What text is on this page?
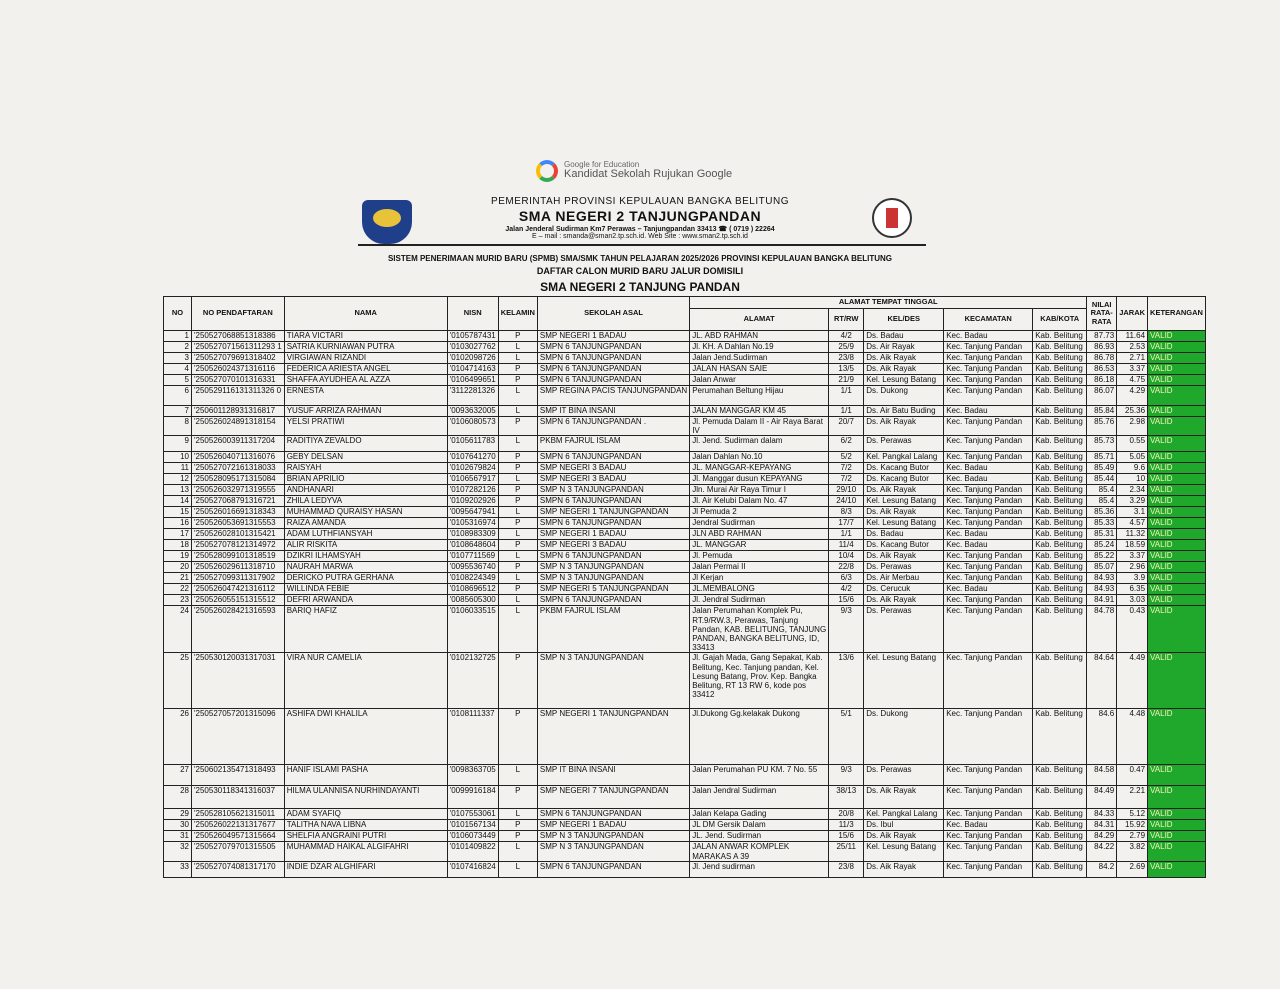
Google for Education
Kandidat Sekolah Rujukan Google
PEMERINTAH PROVINSI KEPULAUAN BANGKA BELITUNG
SMA NEGERI 2 TANJUNGPANDAN
Jalan Jenderal Sudirman Km7 Perawas – Tanjungpandan 33413 ☎ ( 0719 ) 22264
E – mail : smanda@sman2.tp.sch.id. Web Site : www.sman2.tp.sch.id
SISTEM PENERIMAAN MURID BARU (SPMB) SMA/SMK TAHUN PELAJARAN 2025/2026 PROVINSI KEPULAUAN BANGKA BELITUNG
DAFTAR CALON MURID BARU JALUR DOMISILI
SMA NEGERI 2 TANJUNG PANDAN
NO	NO PENDAFTARAN	NAMA	NISN	KELAMIN	SEKOLAH ASAL	ALAMAT TEMPAT TINGGAL					NILAI RATA-RATA	JARAK	KETERANGAN
						ALAMAT	RT/RW	KEL/DES	KECAMATAN	KAB/KOTA			
1	'250527068851318386	TIARA VICTARI	'0105787431	P	SMP NEGERI 1 BADAU	JL. ABD RAHMAN	4/2	Ds. Badau	Kec. Badau	Kab. Belitung	87.73	11.64	VALID
2	'250527071561311293 1	SATRIA KURNIAWAN PUTRA	'0103027762	L	SMPN 6 TANJUNGPANDAN	Jl. KH. A Dahlan No.19	25/9	Ds. Air Rayak	Kec. Tanjung Pandan	Kab. Belitung	86.93	2.53	VALID
3	'250527079691318402	VIRGIAWAN RIZANDI	'0102098726	L	SMPN 6 TANJUNGPANDAN	Jalan Jend.Sudirman	23/8	Ds. Aik Rayak	Kec. Tanjung Pandan	Kab. Belitung	86.78	2.71	VALID
4	'250526024371316116	FEDERICA ARIESTA ANGEL	'0104714163	P	SMPN 6 TANJUNGPANDAN	JALAN HASAN SAIE	13/5	Ds. Aik Rayak	Kec. Tanjung Pandan	Kab. Belitung	86.53	3.37	VALID
5	'250527070101316331	SHAFFA AYUDHEA AL AZZA	'0106499651	P	SMPN 6 TANJUNGPANDAN	Jalan Anwar	21/9	Kel. Lesung Batang	Kec. Tanjung Pandan	Kab. Belitung	86.18	4.75	VALID
6	'250529116131311326 0	ERNESTA	'3112281326	L	SMP REGINA PACIS TANJUNGPANDAN	Perumahan Beltung Hijau	1/1	Ds. Dukong	Kec. Tanjung Pandan	Kab. Belitung	86.07	4.29	VALID
7	'250601128931316817	YUSUF ARRIZA RAHMAN	'0093632005	L	SMP IT BINA INSANI	JALAN MANGGAR KM 45	1/1	Ds. Air Batu Buding	Kec. Badau	Kab. Belitung	85.84	25.36	VALID
8	'250526024891318154	YELSI PRATIWI	'0106080573	P	SMPN 6 TANJUNGPANDAN .	Jl. Pemuda Dalam II - Air Raya Barat IV	20/7	Ds. Aik Rayak	Kec. Tanjung Pandan	Kab. Belitung	85.76	2.98	VALID
9	'250526003911317204	RADITIYA ZEVALDO	'0105611783	L	PKBM FAJRUL ISLAM	Jl. Jend. Sudirman dalam	6/2	Ds. Perawas	Kec. Tanjung Pandan	Kab. Belitung	85.73	0.55	VALID
10	'250526040711316076	GEBY DELSAN	'0107641270	P	SMPN 6 TANJUNGPANDAN	Jalan Dahlan No.10	5/2	Kel. Pangkal Lalang	Kec. Tanjung Pandan	Kab. Belitung	85.71	5.05	VALID
11	'250527072161318033	RAISYAH	'0102679824	P	SMP NEGERI 3 BADAU	JL. MANGGAR-KEPAYANG	7/2	Ds. Kacang Butor	Kec. Badau	Kab. Belitung	85.49	9.6	VALID
12	'250528095171315084	BRIAN APRILIO	'0106567917	L	SMP NEGERI 3 BADAU	Jl. Manggar dusun KEPAYANG	7/2	Ds. Kacang Butor	Kec. Badau	Kab. Belitung	85.44	10	VALID
13	'250526032971319555	ANDHANARI	'0107282126	P	SMP N 3 TANJUNGPANDAN	Jln. Murai Air Raya Timur I	29/10	Ds. Aik Rayak	Kec. Tanjung Pandan	Kab. Belitung	85.4	2.34	VALID
14	'250527068791316721	ZHILA LEDYVA	'0109202926	P	SMPN 6 TANJUNGPANDAN	Jl. Air Kelubi Dalam No. 47	24/10	Kel. Lesung Batang	Kec. Tanjung Pandan	Kab. Belitung	85.4	3.29	VALID
15	'250526016691318343	MUHAMMAD QURAISY HASAN	'0095647941	L	SMP NEGERI 1 TANJUNGPANDAN	Jl Pemuda 2	8/3	Ds. Aik Rayak	Kec. Tanjung Pandan	Kab. Belitung	85.36	3.1	VALID
16	'250526053691315553	RAIZA AMANDA	'0105316974	P	SMPN 6 TANJUNGPANDAN	Jendral Sudirman	17/7	Kel. Lesung Batang	Kec. Tanjung Pandan	Kab. Belitung	85.33	4.57	VALID
17	'250526028101315421	ADAM LUTHFIANSYAH	'0108983309	L	SMP NEGERI 1 BADAU	JLN ABD RAHMAN	1/1	Ds. Badau	Kec. Badau	Kab. Belitung	85.31	11.32	VALID
18	'250527078121314972	ALIR RISKITA	'0108648604	P	SMP NEGERI 3 BADAU	JL. MANGGAR	11/4	Ds. Kacang Butor	Kec. Badau	Kab. Belitung	85.24	18.59	VALID
19	'250528099101318519	DZIKRI ILHAMSYAH	'0107711569	L	SMPN 6 TANJUNGPANDAN	Jl. Pemuda	10/4	Ds. Aik Rayak	Kec. Tanjung Pandan	Kab. Belitung	85.22	3.37	VALID
20	'250526029611318710	NAURAH MARWA	'0095536740	P	SMP N 3 TANJUNGPANDAN	Jalan Permai II	22/8	Ds. Perawas	Kec. Tanjung Pandan	Kab. Belitung	85.07	2.96	VALID
21	'250527099311317902	DERICKO PUTRA GERHANA	'0108224349	L	SMP N 3 TANJUNGPANDAN	Jl Kerjan	6/3	Ds. Air Merbau	Kec. Tanjung Pandan	Kab. Belitung	84.93	3.9	VALID
22	'250526047421316112	WILLINDA FEBIE	'0108696512	P	SMP NEGERI 5 TANJUNGPANDAN	JL.MEMBALONG	4/2	Ds. Cerucuk	Kec. Badau	Kab. Belitung	84.93	6.35	VALID
23	'250526055151315512	DEFRI ARWANDA	'0085605300	L	SMPN 6 TANJUNGPANDAN	Jl. Jendral Sudirman	15/6	Ds. Aik Rayak	Kec. Tanjung Pandan	Kab. Belitung	84.91	3.03	VALID
24	'250526028421316593	BARIQ HAFIZ	'0106033515	L	PKBM FAJRUL ISLAM	Jalan Perumahan Komplek Pu, RT.9/RW.3, Perawas, Tanjung Pandan, KAB. BELITUNG, TANJUNG PANDAN, BANGKA BELITUNG, ID, 33413	9/3	Ds. Perawas	Kec. Tanjung Pandan	Kab. Belitung	84.78	0.43	VALID
25	'250530120031317031	VIRA NUR CAMELIA	'0102132725	P	SMP N 3 TANJUNGPANDAN	Jl. Gajah Mada, Gang Sepakat, Kab. Belitung, Kec. Tanjung pandan, Kel. Lesung Batang, Prov. Kep. Bangka Belitung, RT 13 RW 6, kode pos 33412	13/6	Kel. Lesung Batang	Kec. Tanjung Pandan	Kab. Belitung	84.64	4.49	VALID
26	'250527057201315096	ASHIFA DWI KHALILA	'0108111337	P	SMP NEGERI 1 TANJUNGPANDAN	Jl.Dukong Gg.kelakak Dukong	5/1	Ds. Dukong	Kec. Tanjung Pandan	Kab. Belitung	84.6	4.48	VALID
27	'250602135471318493	HANIF ISLAMI PASHA	'0098363705	L	SMP IT BINA INSANI	Jalan Perumahan PU KM. 7 No. 55	9/3	Ds. Perawas	Kec. Tanjung Pandan	Kab. Belitung	84.58	0.47	VALID
28	'250530118341316037	HILMA ULANNISA NURHINDAYANTI	'0099916184	P	SMP NEGERI 7 TANJUNGPANDAN	Jalan Jendral Sudirman	38/13	Ds. Aik Rayak	Kec. Tanjung Pandan	Kab. Belitung	84.49	2.21	VALID
29	'250528105621315011	ADAM SYAFIQ	'0107553061	L	SMPN 6 TANJUNGPANDAN	Jalan Kelapa Gading	20/8	Kel. Pangkal Lalang	Kec. Tanjung Pandan	Kab. Belitung	84.33	5.12	VALID
30	'250526022131317677	TALITHA NAVA LIBNA	'0101567134	P	SMP NEGERI 1 BADAU	JL DM Gersik Dalam	11/3	Ds. Ibul	Kec. Badau	Kab. Belitung	84.31	15.92	VALID
31	'250526049571315664	SHELFIA ANGRAINI PUTRI	'0106073449	P	SMP N 3 TANJUNGPANDAN	JL. Jend. Sudirman	15/6	Ds. Aik Rayak	Kec. Tanjung Pandan	Kab. Belitung	84.29	2.79	VALID
32	'250527079701315505	MUHAMMAD HAIKAL ALGIFAHRI	'0101409822	L	SMP N 3 TANJUNGPANDAN	JALAN ANWAR KOMPLEK MARAKAS A 39	25/11	Kel. Lesung Batang	Kec. Tanjung Pandan	Kab. Belitung	84.22	3.82	VALID
33	'250527074081317170	INDIE DZAR ALGHIFARI	'0107416824	L	SMPN 6 TANJUNGPANDAN	Jl. Jend sudirman	23/8	Ds. Aik Rayak	Kec. Tanjung Pandan	Kab. Belitung	84.2	2.69	VALID
